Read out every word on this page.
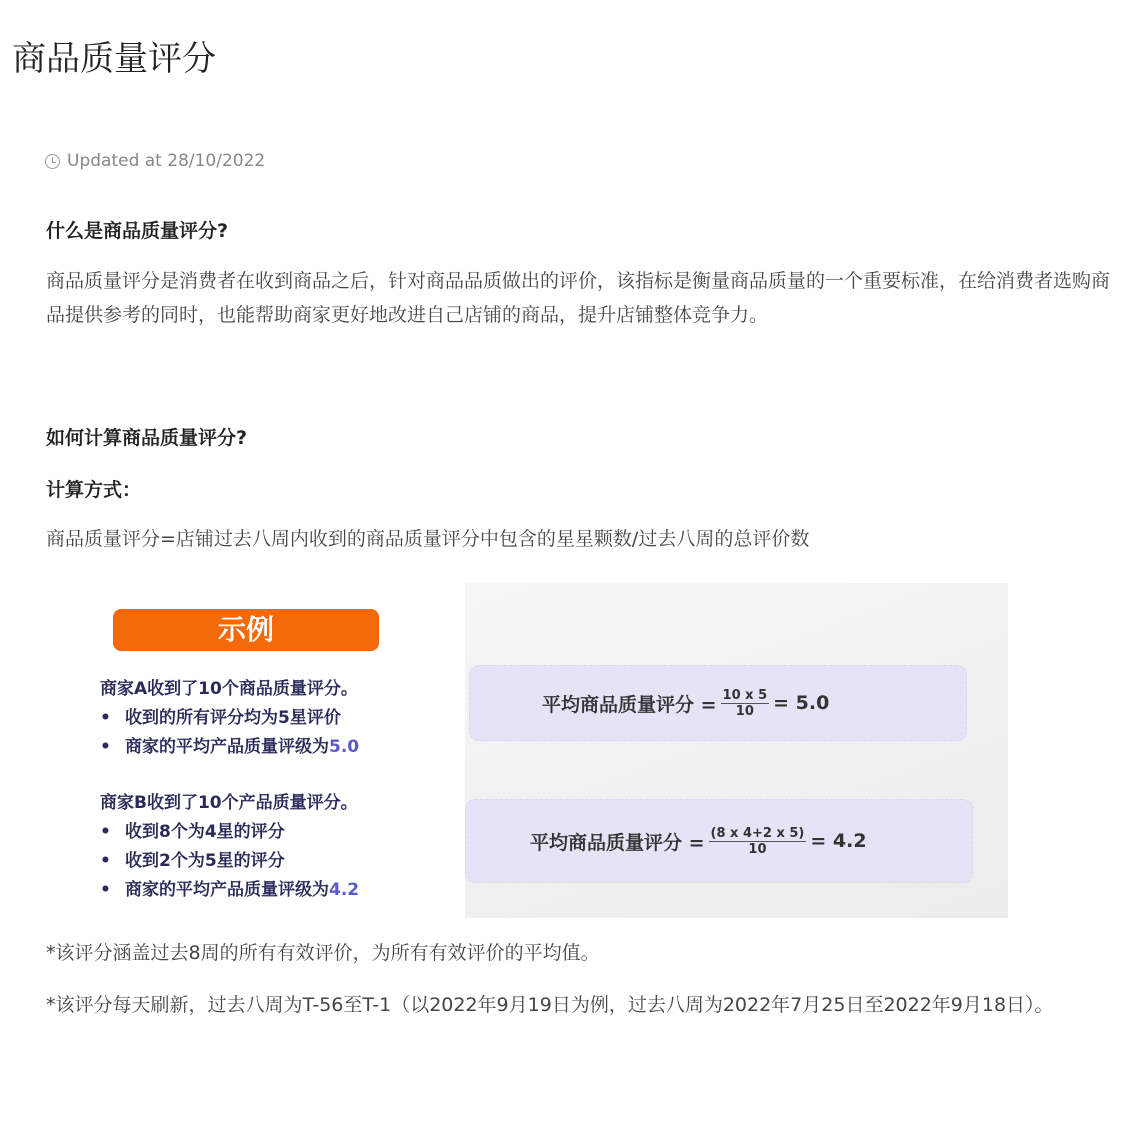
商品质量评分
Updated at 28/10/2022
什么是商品质量评分?
商品质量评分是消费者在收到商品之后，针对商品品质做出的评价，该指标是衡量商品质量的一个重要标准，在给消费者选购商品提供参考的同时，也能帮助商家更好地改进自己店铺的商品，提升店铺整体竞争力。
如何计算商品质量评分?
计算方式：
商品质量评分=店铺过去八周内收到的商品质量评分中包含的星星颗数/过去八周的总评价数
示例
商家A收到了10个商品质量评分。
• 收到的所有评分均为5星评价
• 商家的平均产品质量评级为5.0
商家B收到了10个产品质量评分。
• 收到8个为4星的评分
• 收到2个为5星的评分
• 商家的平均产品质量评级为4.2
平均商品质量评分 = $\frac{10 x 5}{10} = 5.0$
平均商品质量评分 = $\frac{(8 x 4+2 x 5)}{10} = 4.2$
*该评分涵盖过去8周的所有有效评价，为所有有效评价的平均值。
*该评分每天刷新，过去八周为T-56至T-1（以2022年9月19日为例，过去八周为2022年7月25日至2022年9月18日）。
